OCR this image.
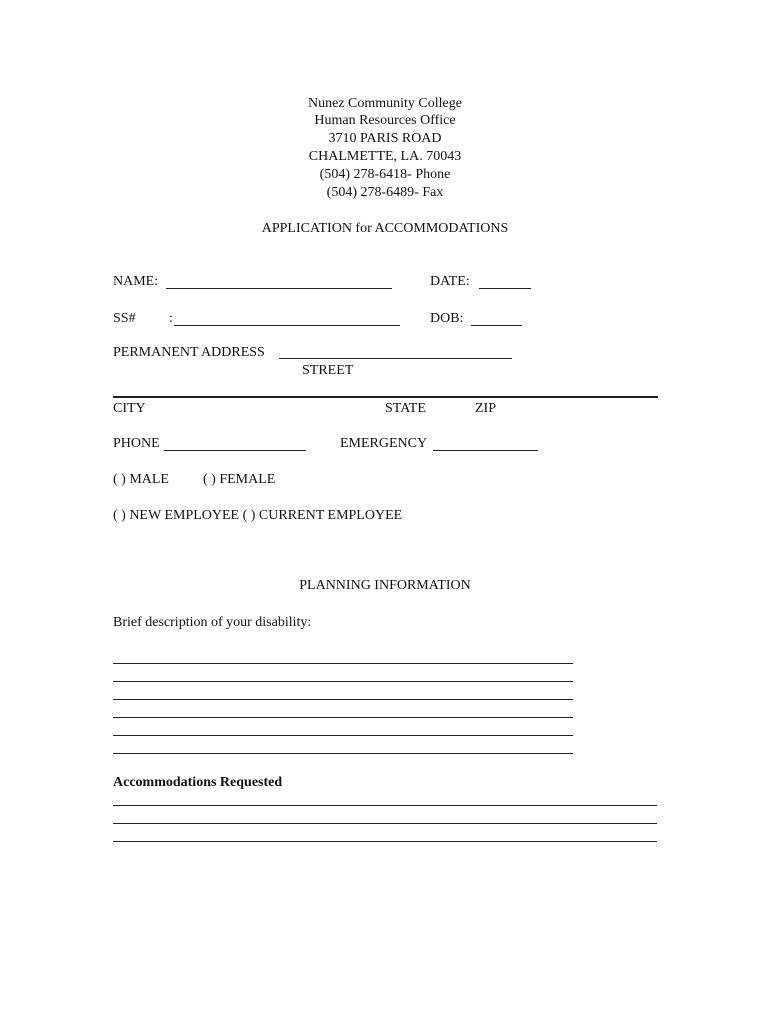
Nunez Community College
Human Resources Office
3710 PARIS ROAD
CHALMETTE, LA. 70043
(504) 278-6418- Phone
(504) 278-6489- Fax
APPLICATION for ACCOMMODATIONS
NAME:	DATE:
SS# :	DOB:
PERMANENT ADDRESS
STREET
CITY	STATE	ZIP
PHONE	EMERGENCY
( ) MALE ( ) FEMALE
( ) NEW EMPLOYEE ( ) CURRENT EMPLOYEE
PLANNING INFORMATION
Brief description of your disability:
Accommodations Requested
